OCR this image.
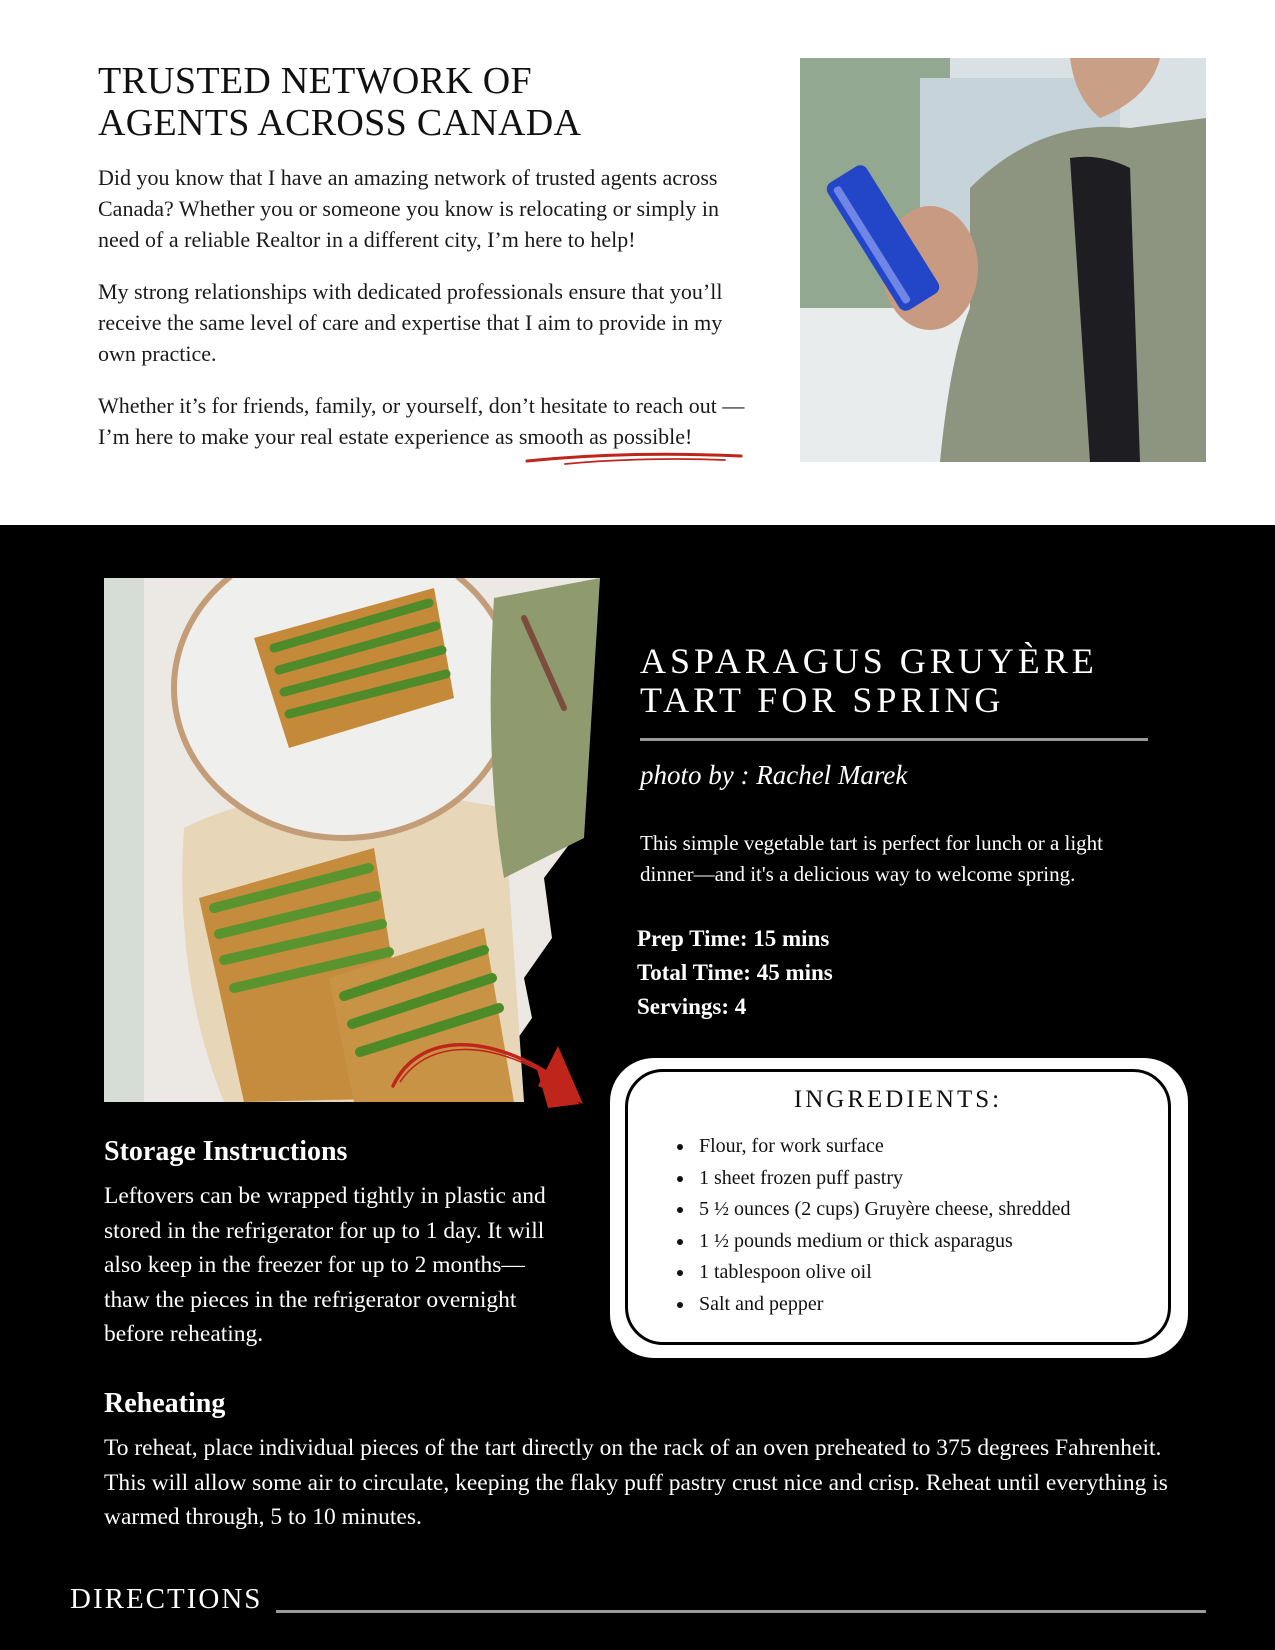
TRUSTED NETWORK OF
AGENTS ACROSS CANADA

Did you know that I have an amazing network of trusted agents across Canada? Whether you or someone you know is relocating or simply in need of a reliable Realtor in a different city, I’m here to help!

My strong relationships with dedicated professionals ensure that you’ll receive the same level of care and expertise that I aim to provide in my own practice.

Whether it’s for friends, family, or yourself, don’t hesitate to reach out —I’m here to make your real estate experience as smooth as possible!

ASPARAGUS GRUYÈRE
TART FOR SPRING

photo by : Rachel Marek

This simple vegetable tart is perfect for lunch or a light dinner—and it's a delicious way to welcome spring.

Prep Time: 15 mins

Total Time: 45 mins

Servings: 4

INGREDIENTS:
• Flour, for work surface
• 1 sheet frozen puff pastry
• 5 ½ ounces (2 cups) Gruyère cheese, shredded
• 1 ½ pounds medium or thick asparagus
• 1 tablespoon olive oil
• Salt and pepper
Storage Instructions

Leftovers can be wrapped tightly in plastic and stored in the refrigerator for up to 1 day. It will also keep in the freezer for up to 2 months—thaw the pieces in the refrigerator overnight before reheating.

Reheating

To reheat, place individual pieces of the tart directly on the rack of an oven preheated to 375 degrees Fahrenheit. This will allow some air to circulate, keeping the flaky puff pastry crust nice and crisp. Reheat until everything is warmed through, 5 to 10 minutes.

DIRECTIONS
